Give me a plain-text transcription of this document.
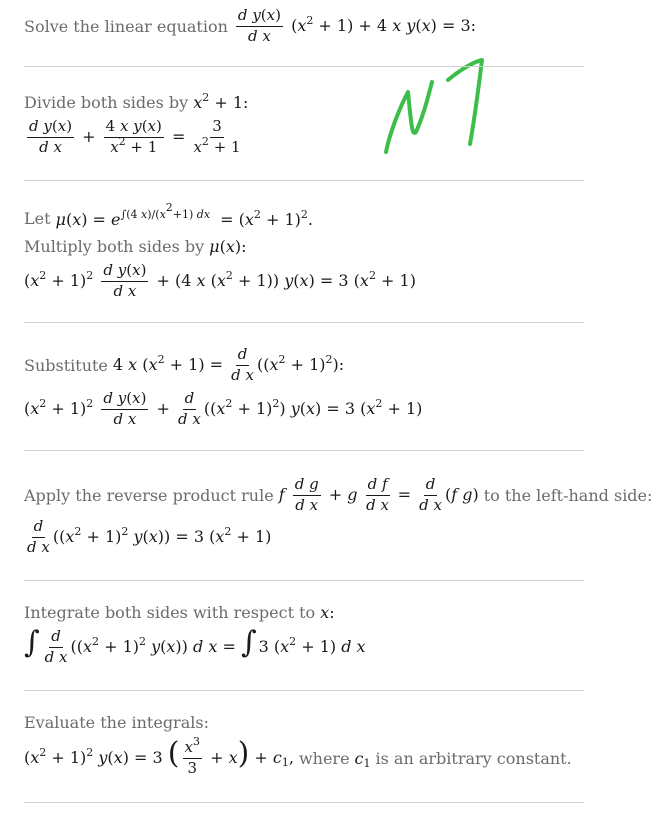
Solve the linear equation $\frac{\text{d y(x)}}{\text{d x}} (x^2 + 1) + 4$ x y(x) = 3:
Divide both sides by $x^2 + 1$:
$\frac{\text{d y(x)}}{\text{d x}} + \frac{\text{4 x y(x)}}{x^2 + 1} = \frac{3}{x^2 + 1}$
Let $\mu(x) = e^{\int(4 x)/(x^2+1) dx} = (x^2 + 1)^2$.
Multiply both sides by μ(x):
$(x^2 + 1)^2 \frac{\text{d y(x)}}{\text{d x}} + (4$ x $(x^2 + 1)$) y(x) = 3 $(x^2 + 1)$
Substitute 4 x $(x^2 + 1) = \frac{d}{\text{d x}} ((x^2 + 1)^2)$:
$(x^2 + 1)^2 \frac{\text{d y(x)}}{\text{d x}} + \frac{d}{\text{d x}} ((x^2 + 1)^2) y(x) = 3$ $(x^2 + 1)$
Apply the reverse product rule f $\frac{\text{d g}}{\text{d x}} + g \frac{\text{d f}}{\text{d x}} = \frac{d}{\text{d x}} (f$ g) to the left-hand side:
$\frac{d}{\text{d x}} ((x^2 + 1)^2$ y(x)) = 3 $(x^2 + 1)$
Integrate both sides with respect to x:
∫ $\frac{d}{\text{d x}} ((x^2 + 1)^2$ y(x)) d x = ∫ 3 $(x^2 + 1)$ d x
Evaluate the integrals:
$(x^2 + 1)^2$ y(x) = 3 ( $\frac{x^3}{3} + x) + c_1$, where $c_1$ is an arbitrary constant.
